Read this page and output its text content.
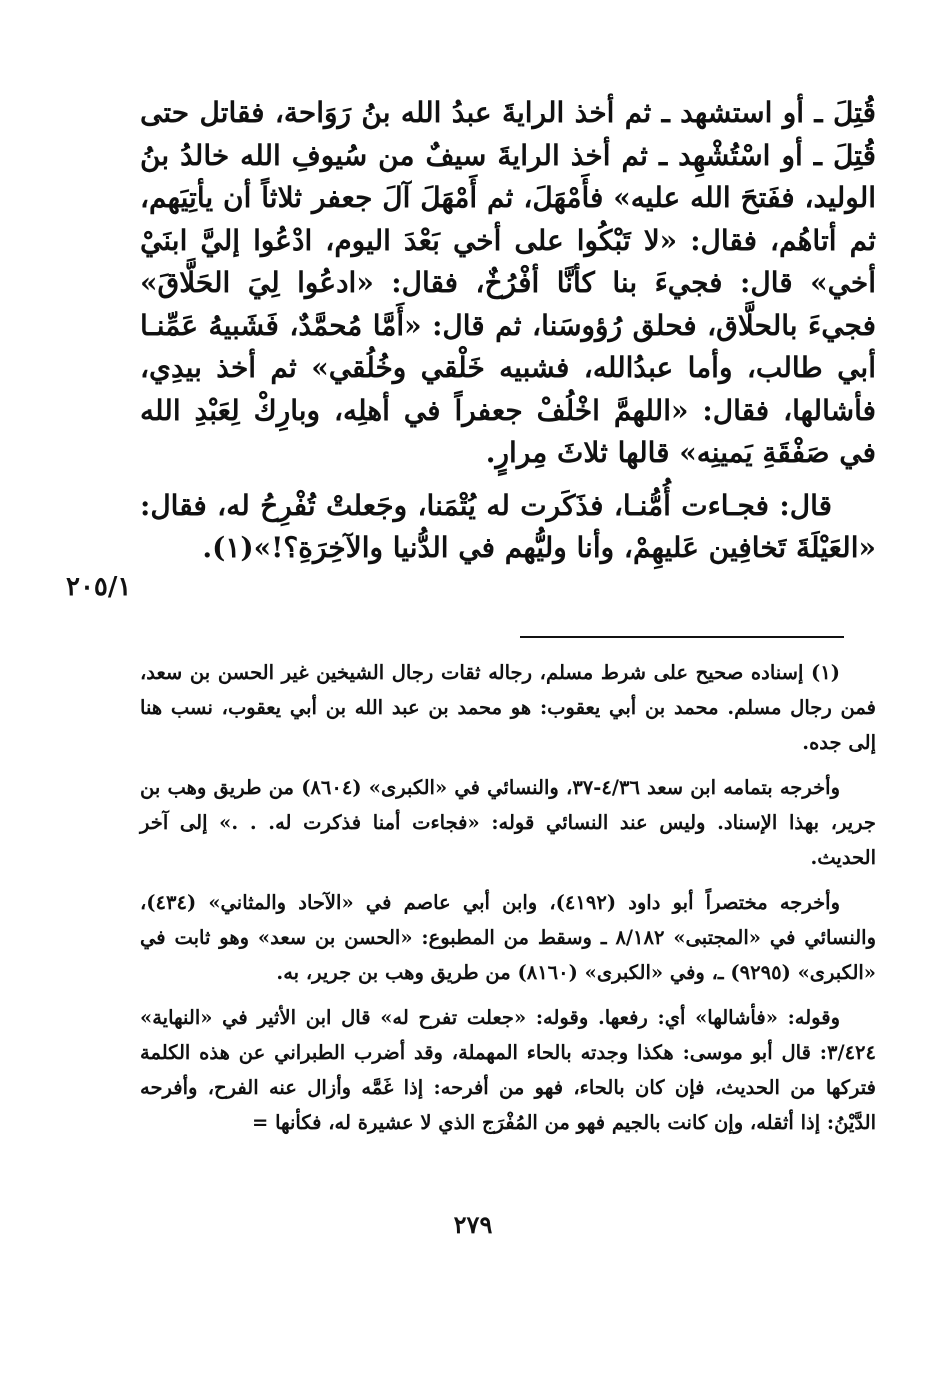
قُتِلَ ـ أو استشهد ـ ثم أخذ الرايةَ عبدُ الله بنُ رَوَاحة، فقاتل حتى قُتِلَ ـ أو اسْتُشْهِد ـ ثم أخذ الرايةَ سيفٌ من سُيوفِ الله خالدُ بنُ الوليد، ففَتحَ الله عليه» فأَمْهَلَ، ثم أَمْهَلَ آلَ جعفر ثلاثاً أن يأتِيَهم، ثم أتاهُم، فقال: «لا تَبْكُوا على أخي بَعْدَ اليوم، ادْعُوا إليَّ ابنَيْ أخي» قال: فجيءَ بنا كأنَّا أفْرُخٌ، فقال: «ادعُوا لِيَ الحَلَّاقَ» فجيءَ بالحلَّاق، فحلق رُؤوسَنا، ثم قال: «أَمَّا مُحمَّدٌ، فَشَبيهُ عَمِّنـا أبي طالب، وأما عبدُالله، فشبيه خَلْقي وخُلُقي» ثم أخذ بيدِي، فأشالها، فقال: «اللهمَّ اخْلُفْ جعفراً في أهلِه، وبارِكْ لِعَبْدِ الله في صَفْقَةِ يَمينِه» قالها ثلاثَ مِرارٍ.

قال: فجـاءت أُمُّنـا، فذَكَرت له يُتْمَنا، وجَعلتْ تُفْرِحُ له، فقال: «العَيْلَةَ تَخافِين عَليهِمْ، وأنا وليُّهم في الدُّنيا والآخِرَةِ؟!»(١).

٢٠٥/١

(١) إسناده صحيح على شرط مسلم، رجاله ثقات رجال الشيخين غير الحسن بن سعد، فمن رجال مسلم. محمد بن أبي يعقوب: هو محمد بن عبد الله بن أبي يعقوب، نسب هنا إلى جده.

وأخرجه بتمامه ابن سعد ٤/٣٦-٣٧، والنسائي في «الكبرى» (٨٦٠٤) من طريق وهب بن جرير، بهذا الإسناد. وليس عند النسائي قوله: «فجاءت أمنا فذكرت له. . .» إلى آخر الحديث.

وأخرجه مختصراً أبو داود (٤١٩٢)، وابن أبي عاصم في «الآحاد والمثاني» (٤٣٤)، والنسائي في «المجتبى» ٨/١٨٢ ـ وسقط من المطبوع: «الحسن بن سعد» وهو ثابت في «الكبرى» (٩٢٩٥) ـ، وفي «الكبرى» (٨١٦٠) من طريق وهب بن جرير، به.

وقوله: «فأشالها» أي: رفعها. وقوله: «جعلت تفرح له» قال ابن الأثير في «النهاية» ٣/٤٢٤: قال أبو موسى: هكذا وجدته بالحاء المهملة، وقد أضرب الطبراني عن هذه الكلمة فتركها من الحديث، فإن كان بالحاء، فهو من أفرحه: إذا غَمَّه وأزال عنه الفرح، وأفرحه الدَّيْنُ: إذا أثقله، وإن كانت بالجيم فهو من المُفْرَج الذي لا عشيرة له، فكأنها =

٢٧٩
